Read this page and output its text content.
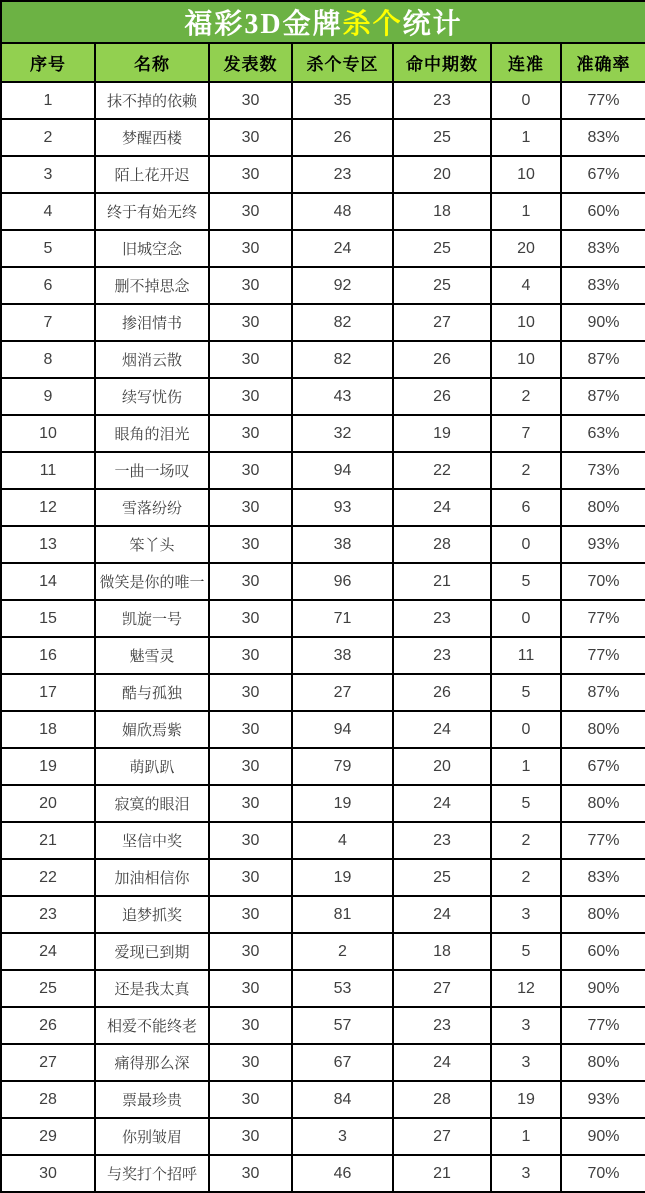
福彩3D金牌杀个统计						
序号	名称	发表数	杀个专区	命中期数	连准	准确率
1	抹不掉的依赖	30	35	23	0	77%
2	梦醒西楼	30	26	25	1	83%
3	陌上花开迟	30	23	20	10	67%
4	终于有始无终	30	48	18	1	60%
5	旧城空念	30	24	25	20	83%
6	删不掉思念	30	92	25	4	83%
7	掺泪情书	30	82	27	10	90%
8	烟消云散	30	82	26	10	87%
9	续写忧伤	30	43	26	2	87%
10	眼角的泪光	30	32	19	7	63%
11	一曲一场叹	30	94	22	2	73%
12	雪落纷纷	30	93	24	6	80%
13	笨丫头	30	38	28	0	93%
14	微笑是你的唯一	30	96	21	5	70%
15	凯旋一号	30	71	23	0	77%
16	魅雪灵	30	38	23	11	77%
17	酷与孤独	30	27	26	5	87%
18	媚欣焉紫	30	94	24	0	80%
19	萌趴趴	30	79	20	1	67%
20	寂寞的眼泪	30	19	24	5	80%
21	坚信中奖	30	4	23	2	77%
22	加油相信你	30	19	25	2	83%
23	追梦抓奖	30	81	24	3	80%
24	爱现已到期	30	2	18	5	60%
25	还是我太真	30	53	27	12	90%
26	相爱不能终老	30	57	23	3	77%
27	痛得那么深	30	67	24	3	80%
28	票最珍贵	30	84	28	19	93%
29	你别皱眉	30	3	27	1	90%
30	与奖打个招呼	30	46	21	3	70%
